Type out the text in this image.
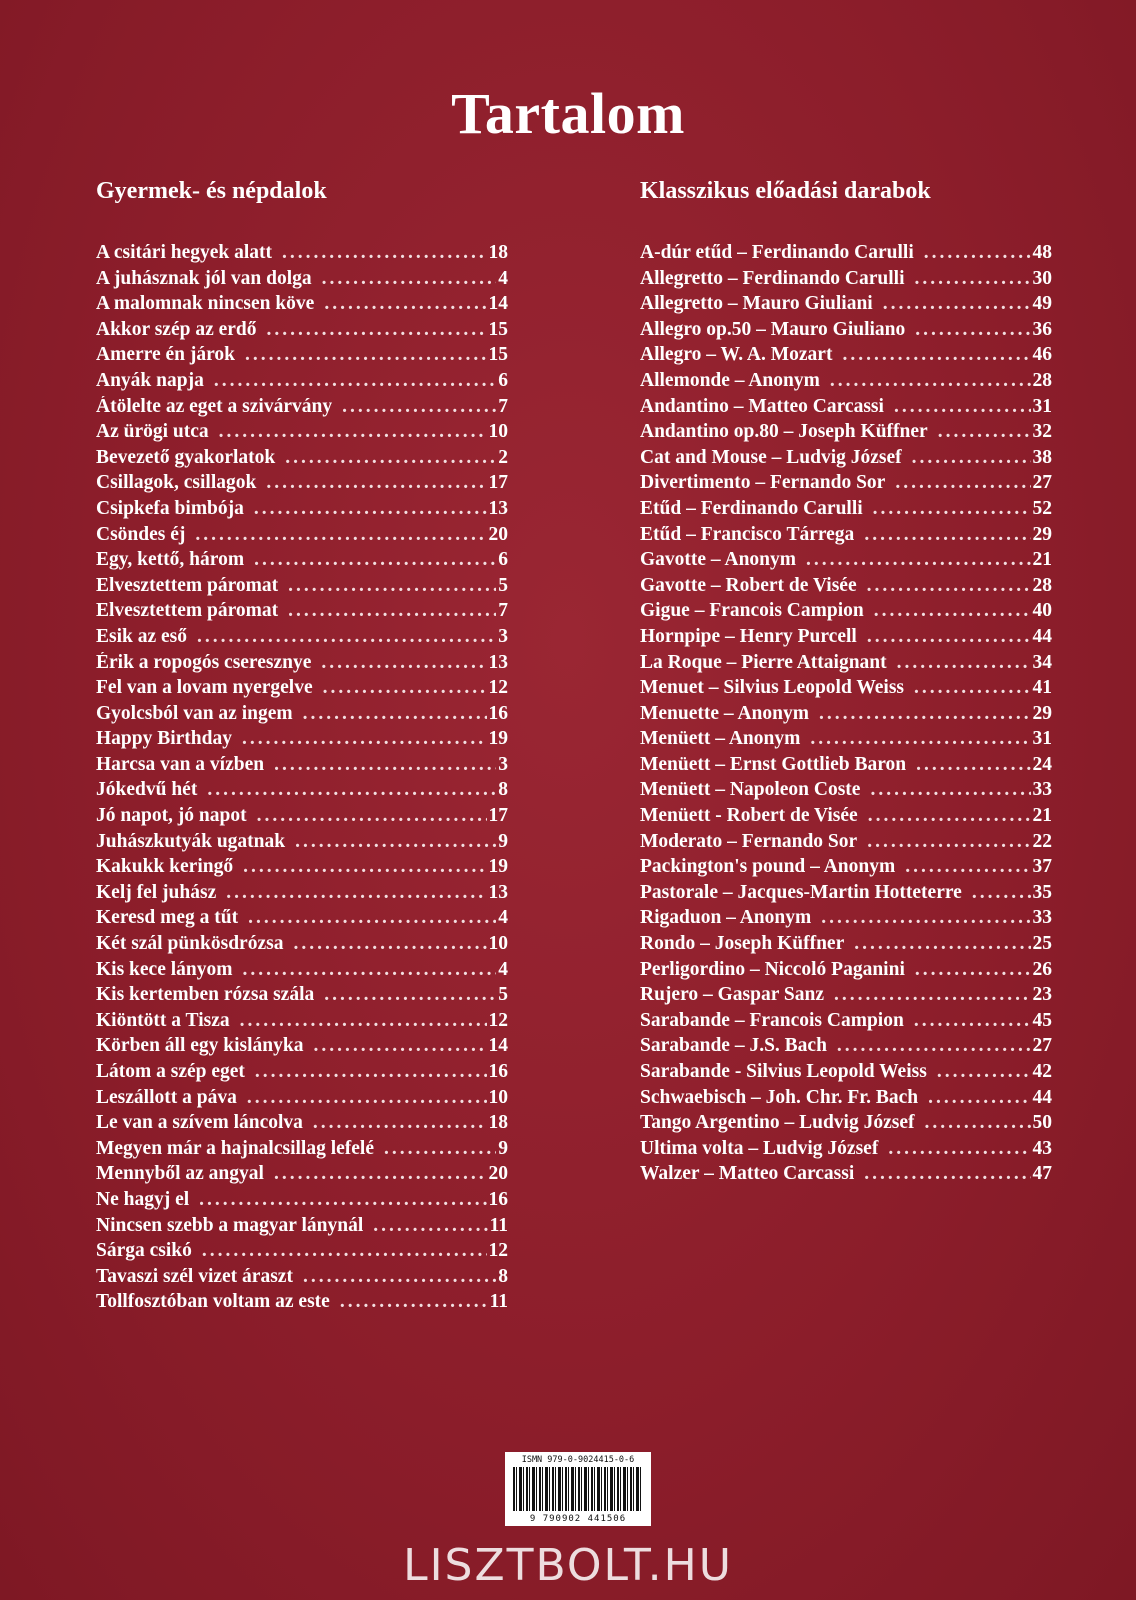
Tartalom
Gyermek- és népdalok
A csitári hegyek alatt .....	18
A juhásznak jól van dolga .....	4
A malomnak nincsen köve .....	14
Akkor szép az erdő .....	15
Amerre én járok .....	15
Anyák napja .....	6
Átölelte az eget a szivárvány .....	7
Az ürögi utca .....	10
Bevezető gyakorlatok .....	2
Csillagok, csillagok .....	17
Csipkefa bimbója .....	13
Csöndes éj .....	20
Egy, kettő, három .....	6
Elvesztettem páromat .....	5
Elvesztettem páromat .....	7
Esik az eső .....	3
Érik a ropogós cseresznye .....	13
Fel van a lovam nyergelve .....	12
Gyolcsból van az ingem .....	16
Happy Birthday .....	19
Harcsa van a vízben .....	3
Jókedvű hét .....	8
Jó napot, jó napot .....	17
Juhászkutyák ugatnak .....	9
Kakukk keringő .....	19
Kelj fel juhász .....	13
Keresd meg a tűt .....	4
Két szál pünkösdrózsa .....	10
Kis kece lányom .....	4
Kis kertemben rózsa szála .....	5
Kiöntött a Tisza .....	12
Körben áll egy kislányka .....	14
Látom a szép eget .....	16
Leszállott a páva .....	10
Le van a szívem láncolva .....	18
Megyen már a hajnalcsillag lefelé .....	9
Mennyből az angyal .....	20
Ne hagyj el .....	16
Nincsen szebb a magyar lánynál .....	11
Sárga csikó .....	12
Tavaszi szél vizet áraszt .....	8
Tollfosztóban voltam az este .....	11
Klasszikus előadási darabok
A-dúr etűd – Ferdinando Carulli .....	48
Allegretto – Ferdinando Carulli .....	30
Allegretto – Mauro Giuliani .....	49
Allegro op.50 – Mauro Giuliano .....	36
Allegro – W. A. Mozart .....	46
Allemonde – Anonym .....	28
Andantino – Matteo Carcassi .....	31
Andantino op.80 – Joseph Küffner .....	32
Cat and Mouse – Ludvig József .....	38
Divertimento – Fernando Sor .....	27
Etűd – Ferdinando Carulli .....	52
Etűd – Francisco Tárrega .....	29
Gavotte – Anonym .....	21
Gavotte – Robert de Visée .....	28
Gigue – Francois Campion .....	40
Hornpipe – Henry Purcell .....	44
La Roque – Pierre Attaignant .....	34
Menuet – Silvius Leopold Weiss .....	41
Menuette – Anonym .....	29
Menüett – Anonym .....	31
Menüett – Ernst Gottlieb Baron .....	24
Menüett – Napoleon Coste .....	33
Menüett - Robert de Visée .....	21
Moderato – Fernando Sor .....	22
Packington's pound – Anonym .....	37
Pastorale – Jacques-Martin Hotteterre .....	35
Rigaduon – Anonym .....	33
Rondo – Joseph Küffner .....	25
Perligordino – Niccoló Paganini .....	26
Rujero – Gaspar Sanz .....	23
Sarabande – Francois Campion .....	45
Sarabande – J.S. Bach .....	27
Sarabande - Silvius Leopold Weiss .....	42
Schwaebisch – Joh. Chr. Fr. Bach .....	44
Tango Argentino – Ludvig József .....	50
Ultima volta – Ludvig József .....	43
Walzer – Matteo Carcassi .....	47
ISMN 979-0-9024415-0-6
9 790902 441506
LISZTBOLT.HU
